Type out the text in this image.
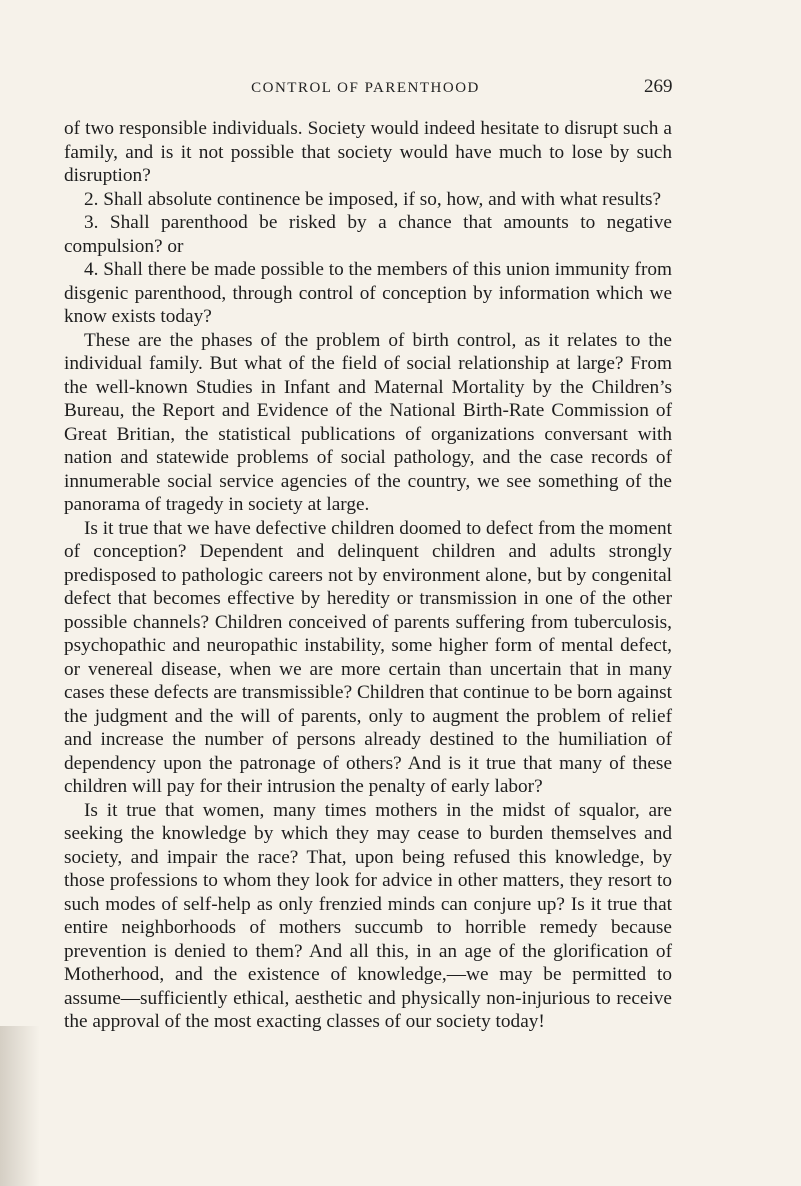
CONTROL OF PARENTHOOD	269

of two responsible individuals. Society would indeed hesitate to disrupt such a family, and is it not possible that society would have much to lose by such disruption?

2. Shall absolute continence be imposed, if so, how, and with what results?

3. Shall parenthood be risked by a chance that amounts to negative compulsion? or

4. Shall there be made possible to the members of this union immunity from disgenic parenthood, through control of conception by information which we know exists today?

These are the phases of the problem of birth control, as it relates to the individual family. But what of the field of social relationship at large? From the well-known Studies in Infant and Maternal Mortality by the Children’s Bureau, the Report and Evidence of the National Birth-Rate Commission of Great Britian, the statistical publications of organizations conversant with nation and statewide problems of social pathology, and the case records of innumerable social service agencies of the country, we see something of the panorama of tragedy in society at large.

Is it true that we have defective children doomed to defect from the moment of conception? Dependent and delinquent children and adults strongly predisposed to pathologic careers not by environment alone, but by congenital defect that becomes effective by heredity or transmission in one of the other possible channels? Children conceived of parents suffering from tuberculosis, psychopathic and neuropathic instability, some higher form of mental defect, or venereal disease, when we are more certain than uncertain that in many cases these defects are transmissible? Children that continue to be born against the judgment and the will of parents, only to augment the problem of relief and increase the number of persons already destined to the humiliation of dependency upon the patronage of others? And is it true that many of these children will pay for their intrusion the penalty of early labor?

Is it true that women, many times mothers in the midst of squalor, are seeking the knowledge by which they may cease to burden themselves and society, and impair the race? That, upon being refused this knowledge, by those professions to whom they look for advice in other matters, they resort to such modes of self-help as only frenzied minds can conjure up? Is it true that entire neighborhoods of mothers succumb to horrible remedy because prevention is denied to them? And all this, in an age of the glorification of Motherhood, and the existence of knowledge,—we may be permitted to assume—sufficiently ethical, aesthetic and physically non-injurious to receive the approval of the most exacting classes of our society today!
